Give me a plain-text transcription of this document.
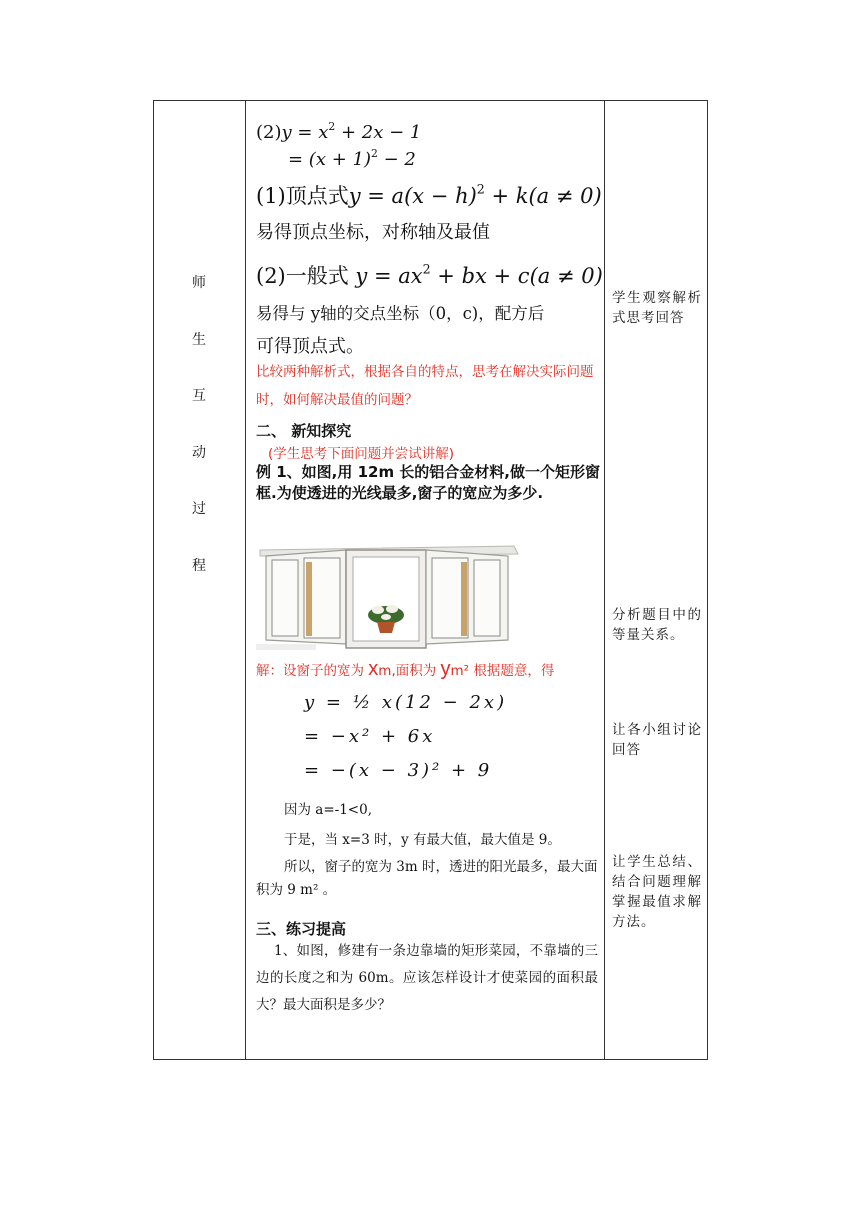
师
生
互
动
过
程
$(2)y = x^2 + 2x - 1$
= $(x + 1)^2 - 2$
(1)顶点式$y = a(x - h)^2 + k(a \ne 0)$
易得顶点坐标，对称轴及最值
(2)一般式 $y = ax^2$ + bx + c(a ≠ 0)
易得与 y轴的交点坐标（0，c)，配方后
可得顶点式。
比较两种解析式，根据各自的特点，思考在解决实际问题时，如何解决最值的问题？
二、 新知探究
(学生思考下面问题并尝试讲解)
例 1、如图,用 12m 长的铝合金材料,做一个矩形窗框.为使透进的光线最多,窗子的宽应为多少.
解：设窗子的宽为 xm,面积为 ym² 根据题意，得
y = ½ x(12 − 2x)
= −x² + 6x
= −(x − 3)² + 9
因为 a=-1<0,
于是，当 x=3 时，y 有最大值，最大值是 9。
所以，窗子的宽为 3m 时，透进的阳光最多，最大面积为 9 m² 。
三、练习提高
1、如图，修建有一条边靠墙的矩形菜园，不靠墙的三边的长度之和为 60m。应该怎样设计才使菜园的面积最大？最大面积是多少？
学生观察解析式思考回答
分析题目中的等量关系。
让各小组讨论回答
让学生总结、结合问题理解掌握最值求解方法。
